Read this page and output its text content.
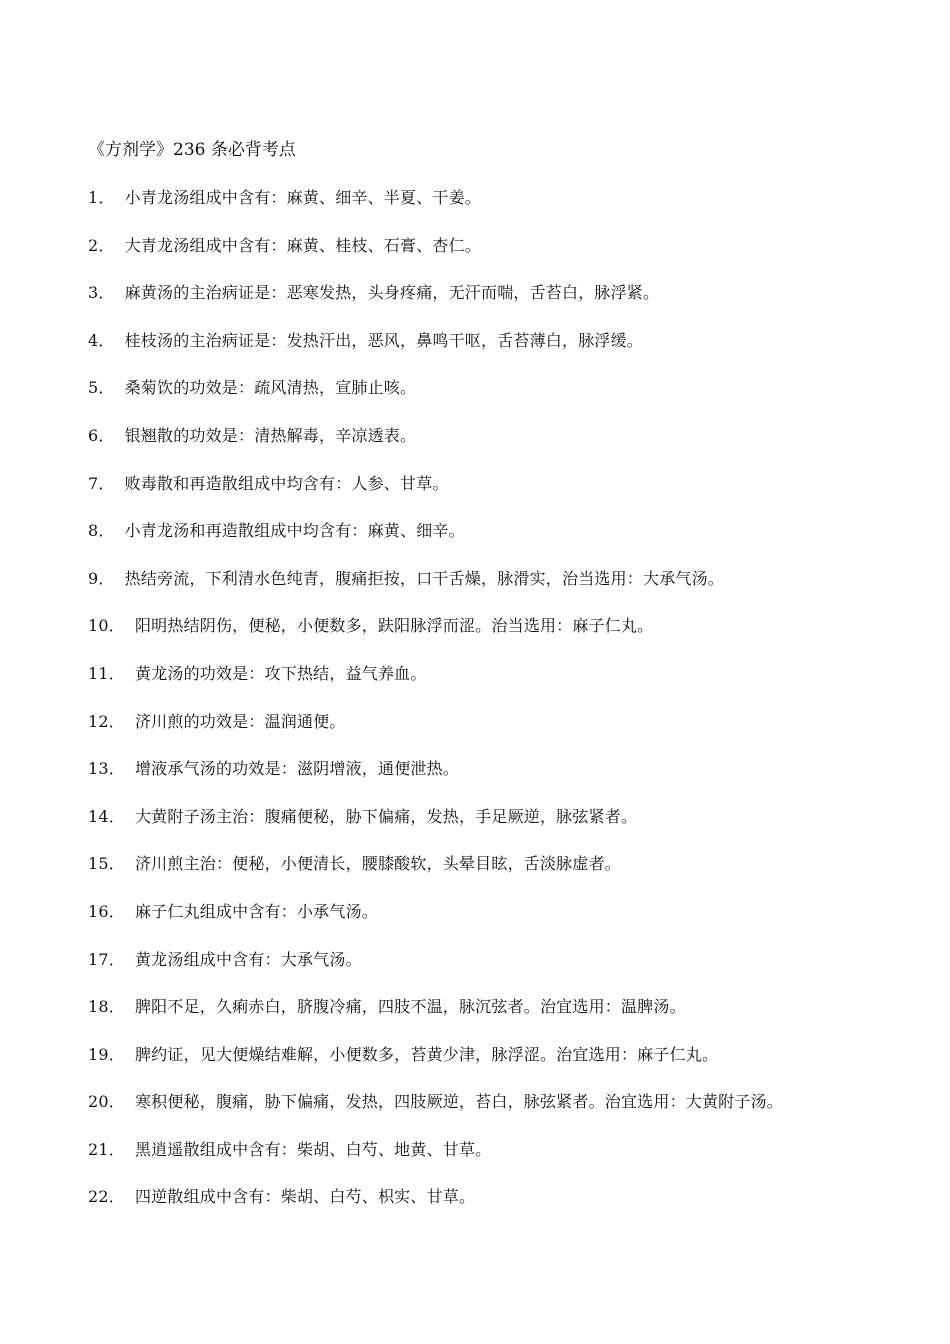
《方剂学》236 条必背考点
1． 小青龙汤组成中含有：麻黄、细辛、半夏、干姜。
2． 大青龙汤组成中含有：麻黄、桂枝、石膏、杏仁。
3． 麻黄汤的主治病证是：恶寒发热，头身疼痛，无汗而喘，舌苔白，脉浮紧。
4． 桂枝汤的主治病证是：发热汗出，恶风，鼻鸣干呕，舌苔薄白，脉浮缓。
5． 桑菊饮的功效是：疏风清热，宣肺止咳。
6． 银翘散的功效是：清热解毒，辛凉透表。
7． 败毒散和再造散组成中均含有：人参、甘草。
8． 小青龙汤和再造散组成中均含有：麻黄、细辛。
9． 热结旁流，下利清水色纯青，腹痛拒按，口干舌燥，脉滑实，治当选用：大承气汤。
10． 阳明热结阴伤，便秘，小便数多，趺阳脉浮而涩。治当选用：麻子仁丸。
11． 黄龙汤的功效是：攻下热结，益气养血。
12． 济川煎的功效是：温润通便。
13． 增液承气汤的功效是：滋阴增液，通便泄热。
14． 大黄附子汤主治：腹痛便秘，胁下偏痛，发热，手足厥逆，脉弦紧者。
15． 济川煎主治：便秘，小便清长，腰膝酸软，头晕目眩，舌淡脉虚者。
16． 麻子仁丸组成中含有：小承气汤。
17． 黄龙汤组成中含有：大承气汤。
18． 脾阳不足，久痢赤白，脐腹冷痛，四肢不温，脉沉弦者。治宜选用：温脾汤。
19． 脾约证，见大便燥结难解，小便数多，苔黄少津，脉浮涩。治宜选用：麻子仁丸。
20． 寒积便秘，腹痛，胁下偏痛，发热，四肢厥逆，苔白，脉弦紧者。治宜选用：大黄附子汤。
21． 黑逍遥散组成中含有：柴胡、白芍、地黄、甘草。
22． 四逆散组成中含有：柴胡、白芍、枳实、甘草。
